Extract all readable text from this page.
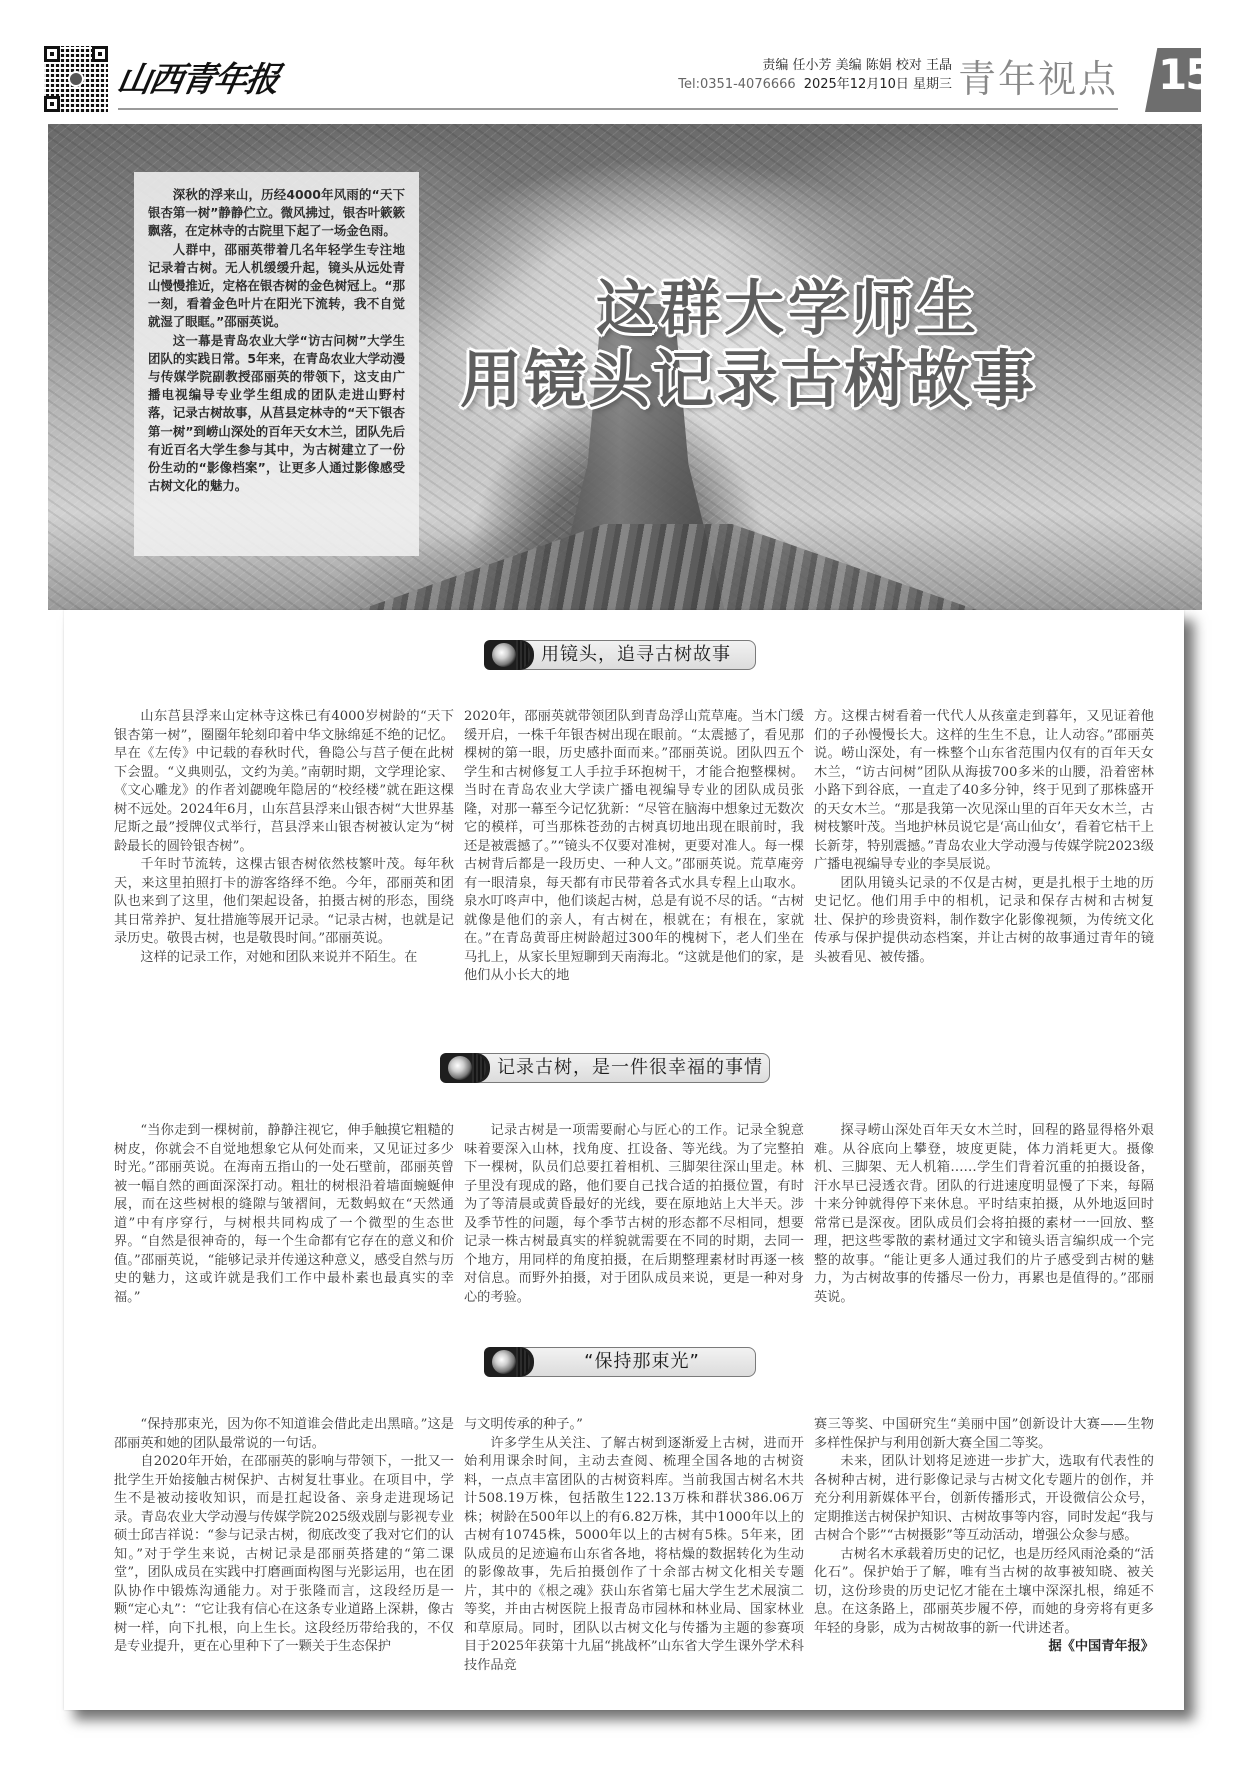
山西青年报	责编 任小芳 美编 陈娟 校对 王晶
Tel:0351-4076666 2025年12月10日 星期三 青年视点 15

深秋的浮来山，历经4000年风雨的“天下银杏第一树”静静伫立。微风拂过，银杏叶簌簌飘落，在定林寺的古院里下起了一场金色雨。

人群中，邵丽英带着几名年轻学生专注地记录着古树。无人机缓缓升起，镜头从远处青山慢慢推近，定格在银杏树的金色树冠上。“那一刻，看着金色叶片在阳光下流转，我不自觉就湿了眼眶。”邵丽英说。

这一幕是青岛农业大学“访古问树”大学生团队的实践日常。5年来，在青岛农业大学动漫与传媒学院副教授邵丽英的带领下，这支由广播电视编导专业学生组成的团队走进山野村落，记录古树故事，从莒县定林寺的“天下银杏第一树”到崂山深处的百年天女木兰，团队先后有近百名大学生参与其中，为古树建立了一份份生动的“影像档案”，让更多人通过影像感受古树文化的魅力。

这群大学师生
用镜头记录古树故事
用镜头，追寻古树故事

山东莒县浮来山定林寺这株已有4000岁树龄的“天下银杏第一树”，圈圈年轮刻印着中华文脉绵延不绝的记忆。早在《左传》中记载的春秋时代，鲁隐公与莒子便在此树下会盟。“义典则弘，文约为美。”南朝时期，文学理论家、《文心雕龙》的作者刘勰晚年隐居的“校经楼”就在距这棵树不远处。2024年6月，山东莒县浮来山银杏树“大世界基尼斯之最”授牌仪式举行，莒县浮来山银杏树被认定为“树龄最长的圆铃银杏树”。

千年时节流转，这棵古银杏树依然枝繁叶茂。每年秋天，来这里拍照打卡的游客络绎不绝。今年，邵丽英和团队也来到了这里，他们架起设备，拍摄古树的形态，围绕其日常养护、复壮措施等展开记录。“记录古树，也就是记录历史。敬畏古树，也是敬畏时间。”邵丽英说。

这样的记录工作，对她和团队来说并不陌生。在

2020年，邵丽英就带领团队到青岛浮山荒草庵。当木门缓缓开启，一株千年银杏树出现在眼前。“太震撼了，看见那棵树的第一眼，历史感扑面而来。”邵丽英说。团队四五个学生和古树修复工人手拉手环抱树干，才能合抱整棵树。当时在青岛农业大学读广播电视编导专业的团队成员张隆，对那一幕至今记忆犹新：“尽管在脑海中想象过无数次它的模样，可当那株苍劲的古树真切地出现在眼前时，我还是被震撼了。”“镜头不仅要对准树，更要对准人。每一棵古树背后都是一段历史、一种人文。”邵丽英说。荒草庵旁有一眼清泉，每天都有市民带着各式水具专程上山取水。泉水叮咚声中，他们谈起古树，总是有说不尽的话。“古树就像是他们的亲人，有古树在，根就在；有根在，家就在。”在青岛黄哥庄树龄超过300年的槐树下，老人们坐在马扎上，从家长里短聊到天南海北。“这就是他们的家，是他们从小长大的地

方。这棵古树看着一代代人从孩童走到暮年，又见证着他们的子孙慢慢长大。这样的生生不息，让人动容。”邵丽英说。崂山深处，有一株整个山东省范围内仅有的百年天女木兰，“访古问树”团队从海拔700多米的山腰，沿着密林小路下到谷底，一直走了40多分钟，终于见到了那株盛开的天女木兰。“那是我第一次见深山里的百年天女木兰，古树枝繁叶茂。当地护林员说它是‘高山仙女’，看着它枯干上长新芽，特别震撼。”青岛农业大学动漫与传媒学院2023级广播电视编导专业的李昊辰说。

团队用镜头记录的不仅是古树，更是扎根于土地的历史记忆。他们用手中的相机，记录和保存古树和古树复壮、保护的珍贵资料，制作数字化影像视频，为传统文化传承与保护提供动态档案，并让古树的故事通过青年的镜头被看见、被传播。

记录古树，是一件很幸福的事情

“当你走到一棵树前，静静注视它，伸手触摸它粗糙的树皮，你就会不自觉地想象它从何处而来，又见证过多少时光。”邵丽英说。在海南五指山的一处石壁前，邵丽英曾被一幅自然的画面深深打动。粗壮的树根沿着墙面蜿蜒伸展，而在这些树根的缝隙与皱褶间，无数蚂蚁在“天然通道”中有序穿行，与树根共同构成了一个微型的生态世界。“自然是很神奇的，每一个生命都有它存在的意义和价值。”邵丽英说，“能够记录并传递这种意义，感受自然与历史的魅力，这或许就是我们工作中最朴素也最真实的幸福。”

记录古树是一项需要耐心与匠心的工作。记录全貌意味着要深入山林，找角度、扛设备、等光线。为了完整拍下一棵树，队员们总要扛着相机、三脚架往深山里走。林子里没有现成的路，他们要自己找合适的拍摄位置，有时为了等清晨或黄昏最好的光线，要在原地站上大半天。涉及季节性的问题，每个季节古树的形态都不尽相同，想要记录一株古树最真实的样貌就需要在不同的时期，去同一个地方，用同样的角度拍摄，在后期整理素材时再逐一核对信息。而野外拍摄，对于团队成员来说，更是一种对身心的考验。

探寻崂山深处百年天女木兰时，回程的路显得格外艰难。从谷底向上攀登，坡度更陡，体力消耗更大。摄像机、三脚架、无人机箱……学生们背着沉重的拍摄设备，汗水早已浸透衣背。团队的行进速度明显慢了下来，每隔十来分钟就得停下来休息。平时结束拍摄，从外地返回时常常已是深夜。团队成员们会将拍摄的素材一一回放、整理，把这些零散的素材通过文字和镜头语言编织成一个完整的故事。“能让更多人通过我们的片子感受到古树的魅力，为古树故事的传播尽一份力，再累也是值得的。”邵丽英说。

“保持那束光”

“保持那束光，因为你不知道谁会借此走出黑暗。”这是邵丽英和她的团队最常说的一句话。

自2020年开始，在邵丽英的影响与带领下，一批又一批学生开始接触古树保护、古树复壮事业。在项目中，学生不是被动接收知识，而是扛起设备、亲身走进现场记录。青岛农业大学动漫与传媒学院2025级戏剧与影视专业硕士邱吉祥说：“参与记录古树，彻底改变了我对它们的认知。”对于学生来说，古树记录是邵丽英搭建的“第二课堂”，团队成员在实践中打磨画面构图与光影运用，也在团队协作中锻炼沟通能力。对于张隆而言，这段经历是一颗“定心丸”：“它让我有信心在这条专业道路上深耕，像古树一样，向下扎根，向上生长。这段经历带给我的，不仅是专业提升，更在心里种下了一颗关于生态保护

与文明传承的种子。”

许多学生从关注、了解古树到逐渐爱上古树，进而开始利用课余时间，主动去查阅、梳理全国各地的古树资料，一点点丰富团队的古树资料库。当前我国古树名木共计508.19万株，包括散生122.13万株和群状386.06万株；树龄在500年以上的有6.82万株，其中1000年以上的古树有10745株，5000年以上的古树有5株。5年来，团队成员的足迹遍布山东省各地，将枯燥的数据转化为生动的影像故事，先后拍摄创作了十余部古树文化相关专题片，其中的《根之魂》获山东省第七届大学生艺术展演二等奖，并由古树医院上报青岛市园林和林业局、国家林业和草原局。同时，团队以古树文化与传播为主题的参赛项目于2025年获第十九届“挑战杯”山东省大学生课外学术科技作品竞

赛三等奖、中国研究生“美丽中国”创新设计大赛——生物多样性保护与利用创新大赛全国二等奖。

未来，团队计划将足迹进一步扩大，选取有代表性的各树种古树，进行影像记录与古树文化专题片的创作，并充分利用新媒体平台，创新传播形式，开设微信公众号，定期推送古树保护知识、古树故事等内容，同时发起“我与古树合个影”“古树摄影”等互动活动，增强公众参与感。

古树名木承载着历史的记忆，也是历经风雨沧桑的“活化石”。保护始于了解，唯有当古树的故事被知晓、被关切，这份珍贵的历史记忆才能在土壤中深深扎根，绵延不息。在这条路上，邵丽英步履不停，而她的身旁将有更多年轻的身影，成为古树故事的新一代讲述者。
据《中国青年报》
